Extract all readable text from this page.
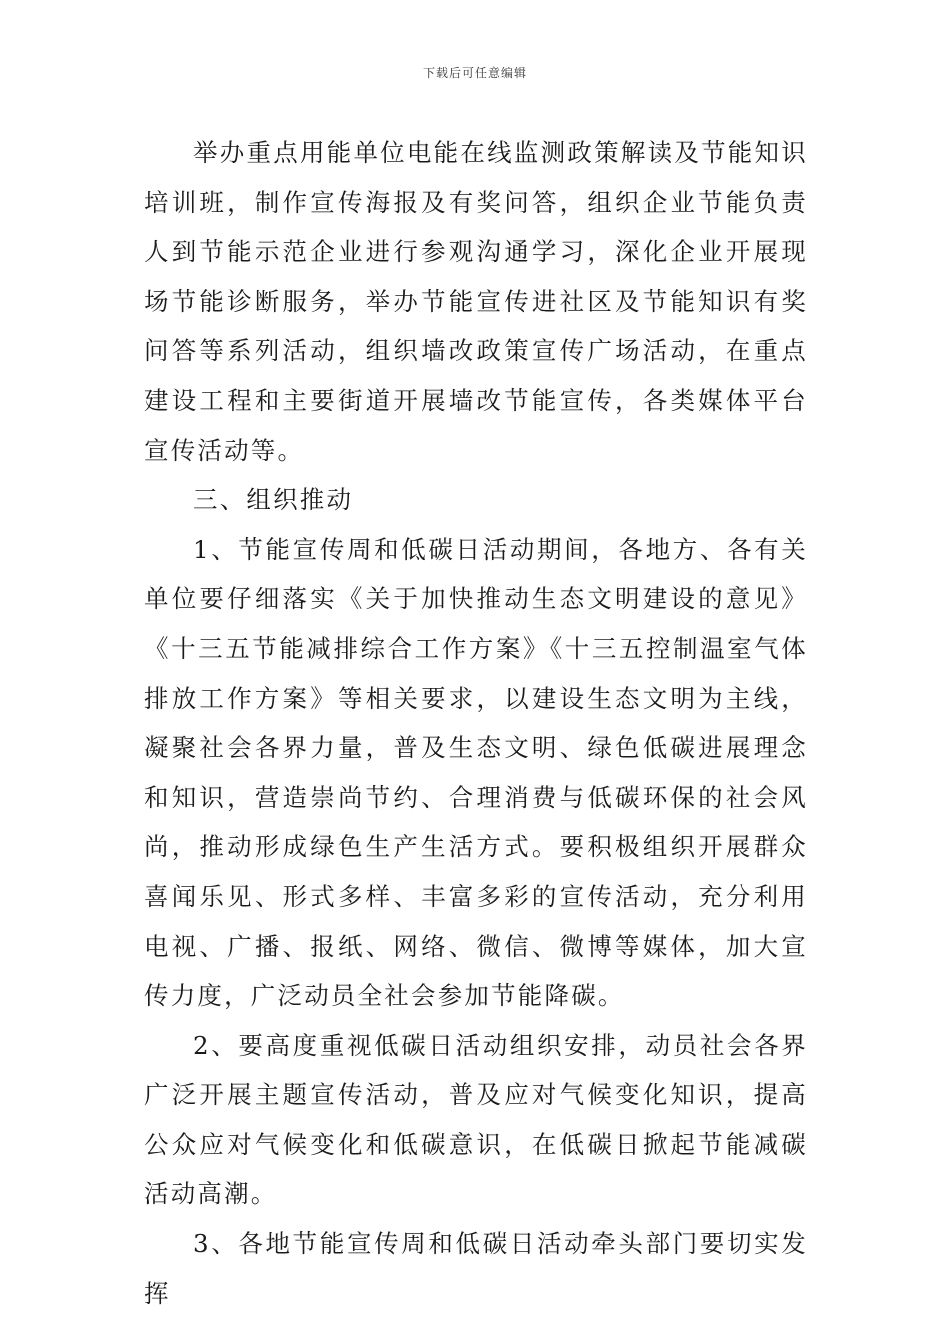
下载后可任意编辑

举办重点用能单位电能在线监测政策解读及节能知识培训班，制作宣传海报及有奖问答，组织企业节能负责人到节能示范企业进行参观沟通学习，深化企业开展现场节能诊断服务，举办节能宣传进社区及节能知识有奖问答等系列活动，组织墙改政策宣传广场活动，在重点建设工程和主要街道开展墙改节能宣传，各类媒体平台宣传活动等。

三、组织推动

1、节能宣传周和低碳日活动期间，各地方、各有关单位要仔细落实《关于加快推动生态文明建设的意见》《十三五节能减排综合工作方案》《十三五控制温室气体排放工作方案》等相关要求，以建设生态文明为主线，凝聚社会各界力量，普及生态文明、绿色低碳进展理念和知识，营造崇尚节约、合理消费与低碳环保的社会风尚，推动形成绿色生产生活方式。要积极组织开展群众喜闻乐见、形式多样、丰富多彩的宣传活动，充分利用电视、广播、报纸、网络、微信、微博等媒体，加大宣传力度，广泛动员全社会参加节能降碳。

2、要高度重视低碳日活动组织安排，动员社会各界广泛开展主题宣传活动，普及应对气候变化知识，提高公众应对气候变化和低碳意识，在低碳日掀起节能减碳活动高潮。

3、各地节能宣传周和低碳日活动牵头部门要切实发挥
